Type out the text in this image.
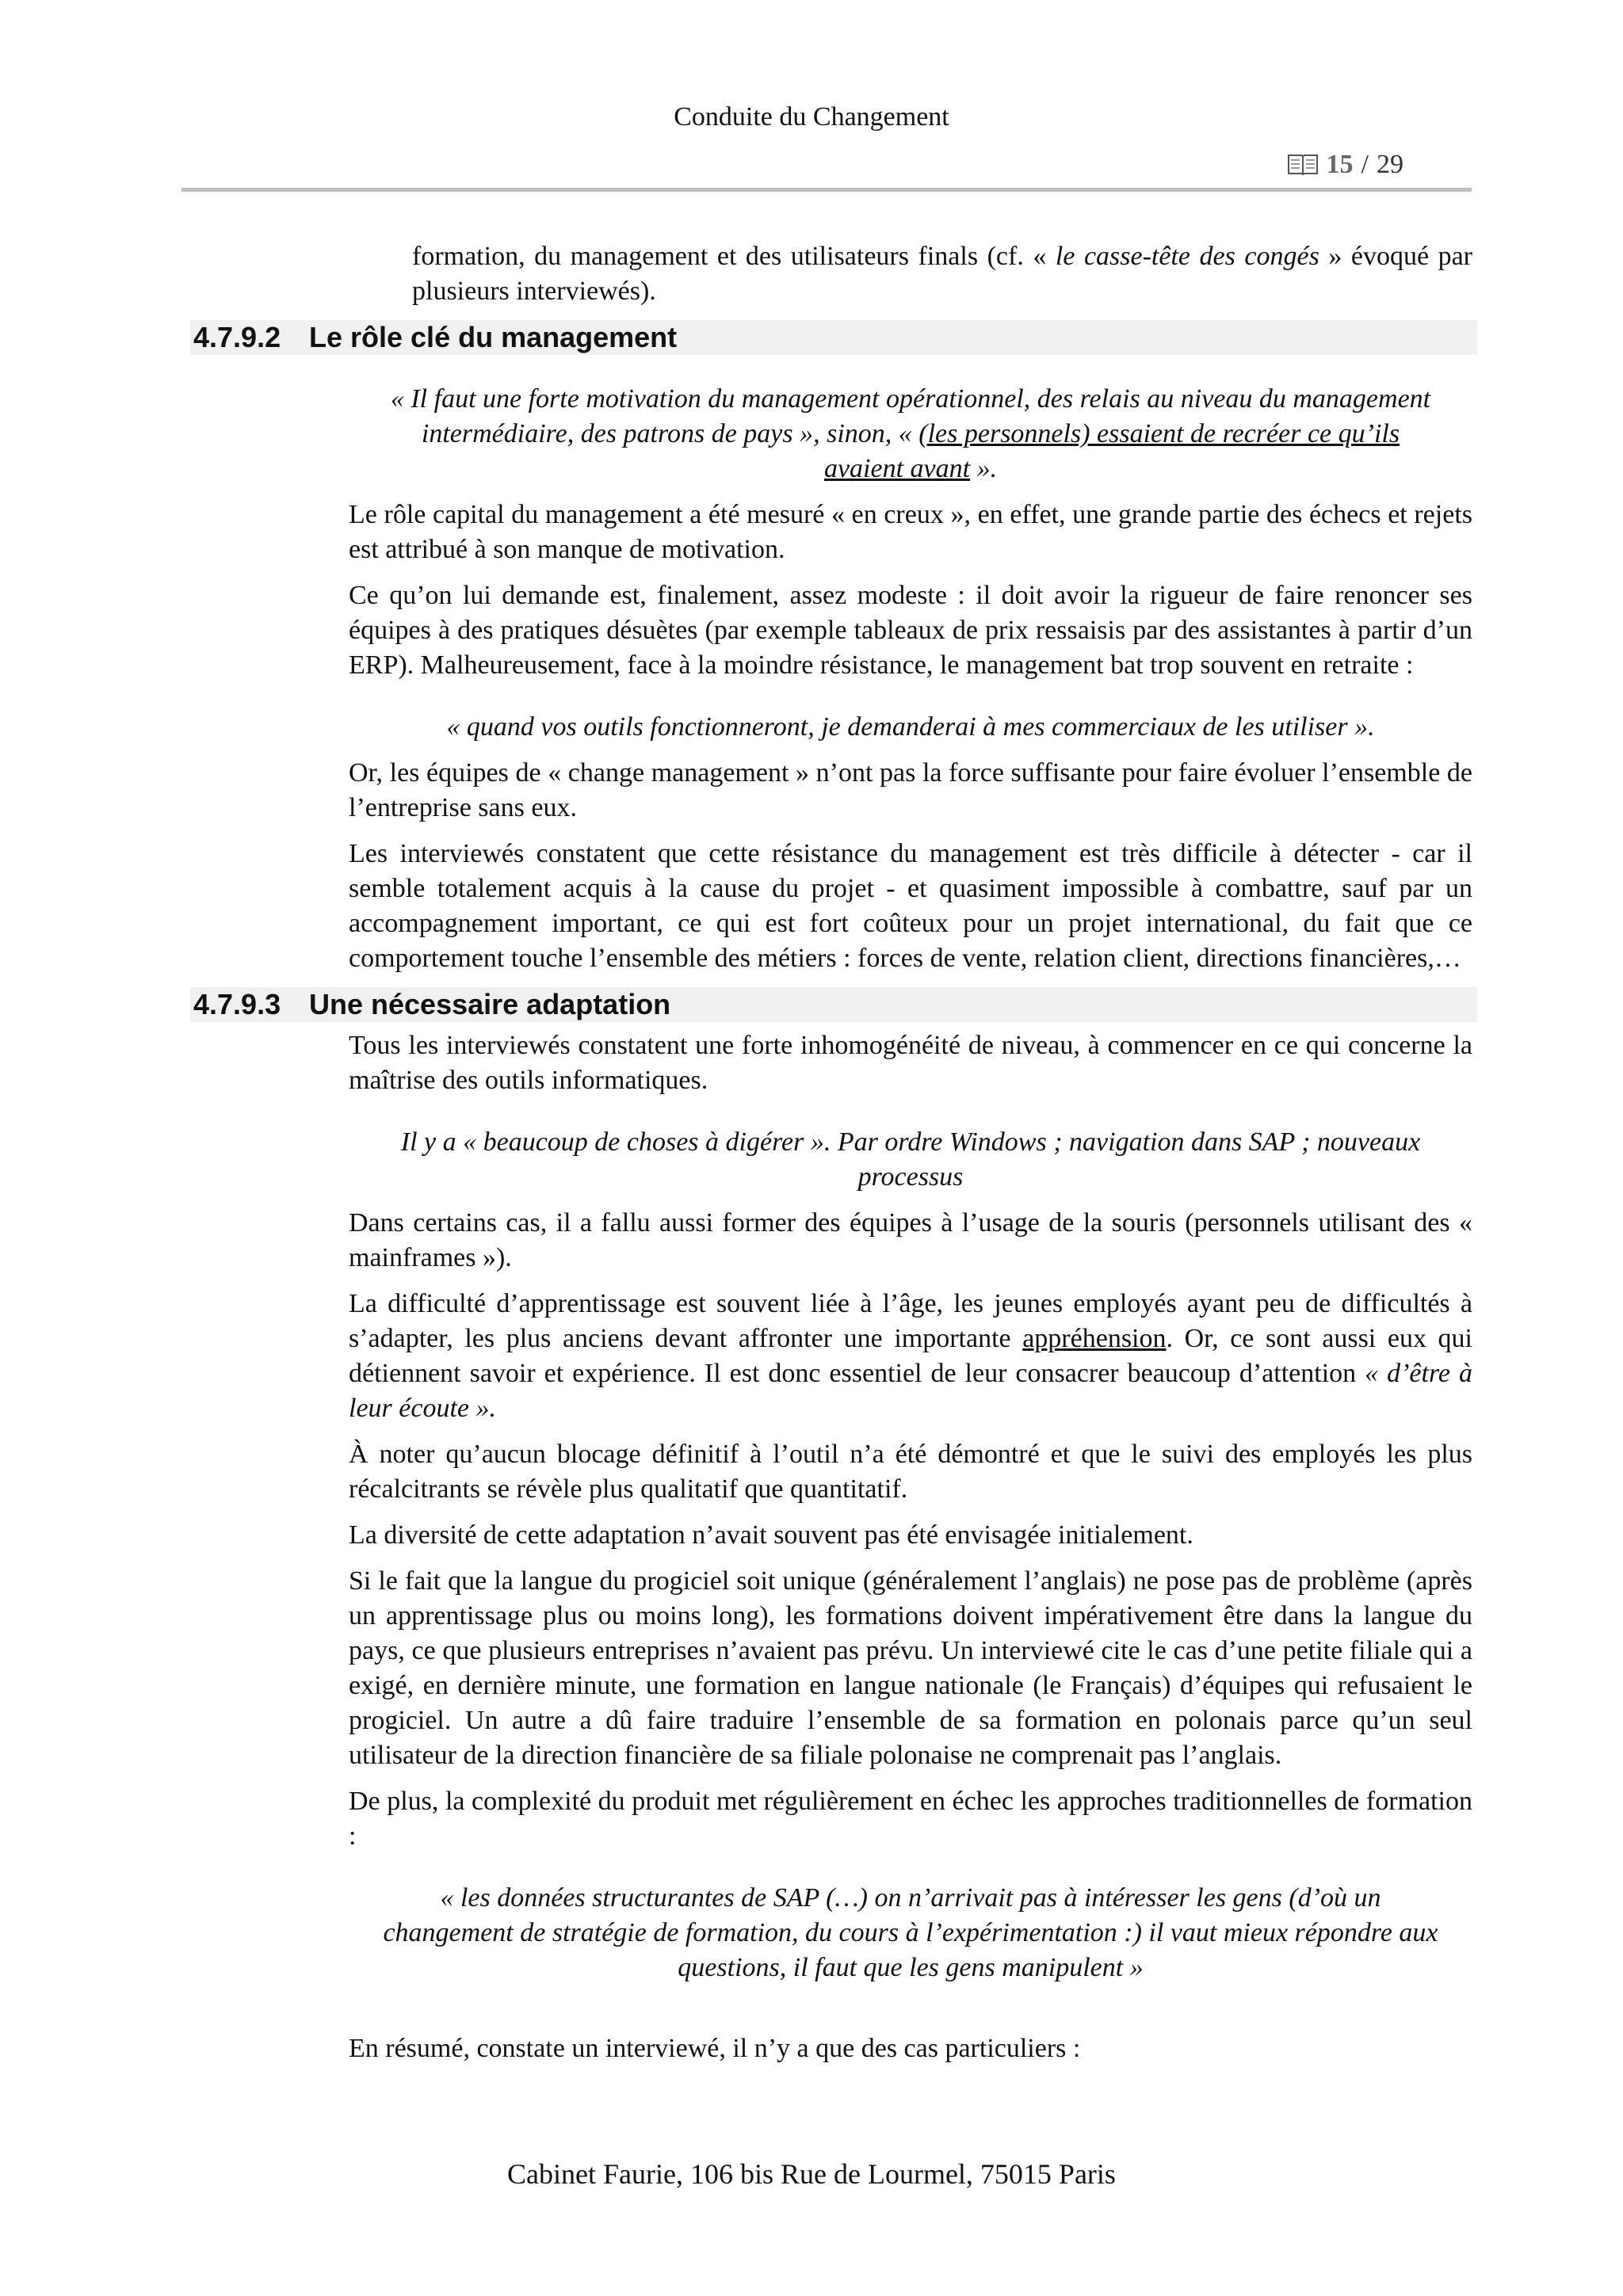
Conduite du Changement
15 / 29

formation, du management et des utilisateurs finals (cf. « le casse-tête des congés » évoqué par plusieurs interviewés).

4.7.9.2 Le rôle clé du management

« Il faut une forte motivation du management opérationnel, des relais au niveau du management intermédiaire, des patrons de pays », sinon, « (les personnels) essaient de recréer ce qu’ils avaient avant ».

Le rôle capital du management a été mesuré « en creux », en effet, une grande partie des échecs et rejets est attribué à son manque de motivation.

Ce qu’on lui demande est, finalement, assez modeste : il doit avoir la rigueur de faire renoncer ses équipes à des pratiques désuètes (par exemple tableaux de prix ressaisis par des assistantes à partir d’un ERP). Malheureusement, face à la moindre résistance, le management bat trop souvent en retraite :

« quand vos outils fonctionneront, je demanderai à mes commerciaux de les utiliser ».

Or, les équipes de « change management » n’ont pas la force suffisante pour faire évoluer l’ensemble de l’entreprise sans eux.

Les interviewés constatent que cette résistance du management est très difficile à détecter - car il semble totalement acquis à la cause du projet - et quasiment impossible à combattre, sauf par un accompagnement important, ce qui est fort coûteux pour un projet international, du fait que ce comportement touche l’ensemble des métiers : forces de vente, relation client, directions financières,…

4.7.9.3 Une nécessaire adaptation

Tous les interviewés constatent une forte inhomogénéité de niveau, à commencer en ce qui concerne la maîtrise des outils informatiques.

Il y a « beaucoup de choses à digérer ». Par ordre Windows ; navigation dans SAP ; nouveaux processus

Dans certains cas, il a fallu aussi former des équipes à l’usage de la souris (personnels utilisant des « mainframes »).

La difficulté d’apprentissage est souvent liée à l’âge, les jeunes employés ayant peu de difficultés à s’adapter, les plus anciens devant affronter une importante appréhension. Or, ce sont aussi eux qui détiennent savoir et expérience. Il est donc essentiel de leur consacrer beaucoup d’attention « d’être à leur écoute ».

À noter qu’aucun blocage définitif à l’outil n’a été démontré et que le suivi des employés les plus récalcitrants se révèle plus qualitatif que quantitatif.

La diversité de cette adaptation n’avait souvent pas été envisagée initialement.

Si le fait que la langue du progiciel soit unique (généralement l’anglais) ne pose pas de problème (après un apprentissage plus ou moins long), les formations doivent impérativement être dans la langue du pays, ce que plusieurs entreprises n’avaient pas prévu. Un interviewé cite le cas d’une petite filiale qui a exigé, en dernière minute, une formation en langue nationale (le Français) d’équipes qui refusaient le progiciel. Un autre a dû faire traduire l’ensemble de sa formation en polonais parce qu’un seul utilisateur de la direction financière de sa filiale polonaise ne comprenait pas l’anglais.

De plus, la complexité du produit met régulièrement en échec les approches traditionnelles de formation :

« les données structurantes de SAP (…) on n’arrivait pas à intéresser les gens (d’où un changement de stratégie de formation, du cours à l’expérimentation :) il vaut mieux répondre aux questions, il faut que les gens manipulent »

En résumé, constate un interviewé, il n’y a que des cas particuliers :

Cabinet Faurie, 106 bis Rue de Lourmel, 75015 Paris
